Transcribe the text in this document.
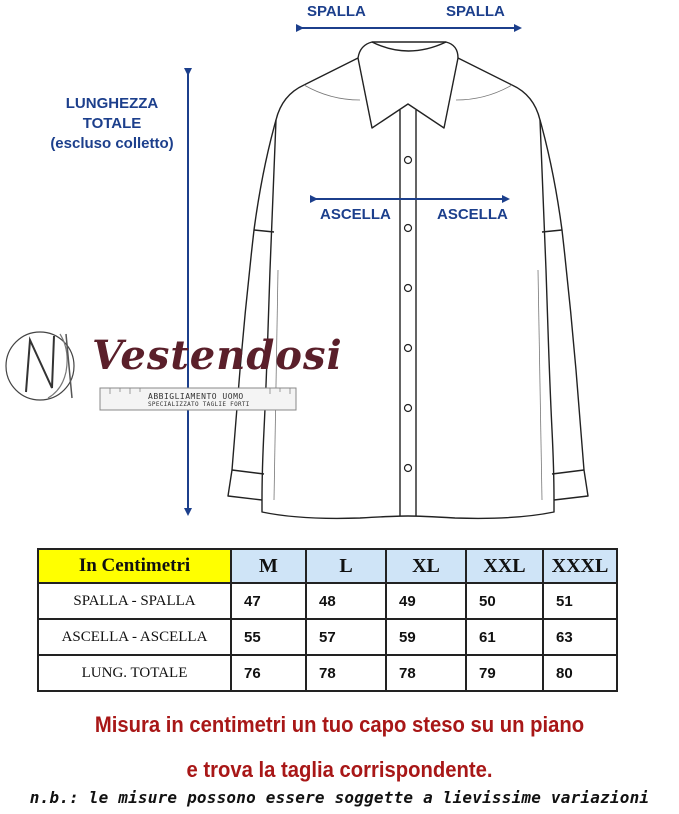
SPALLA	SPALLA
ASCELLA	ASCELLA
LUNGHEZZA
TOTALE
(escluso colletto)
Vestendosi
ABBIGLIAMENTO UOMO
SPECIALIZZATO TAGLIE FORTI
In Centimetri	M	L	XL	XXL	XXXL
SPALLA - SPALLA	47	48	49	50	51
ASCELLA - ASCELLA	55	57	59	61	63
LUNG. TOTALE	76	78	78	79	80
Misura in centimetri un tuo capo steso su un piano
e trova la taglia corrispondente.
n.b.: le misure possono essere soggette a lievissime variazioni
